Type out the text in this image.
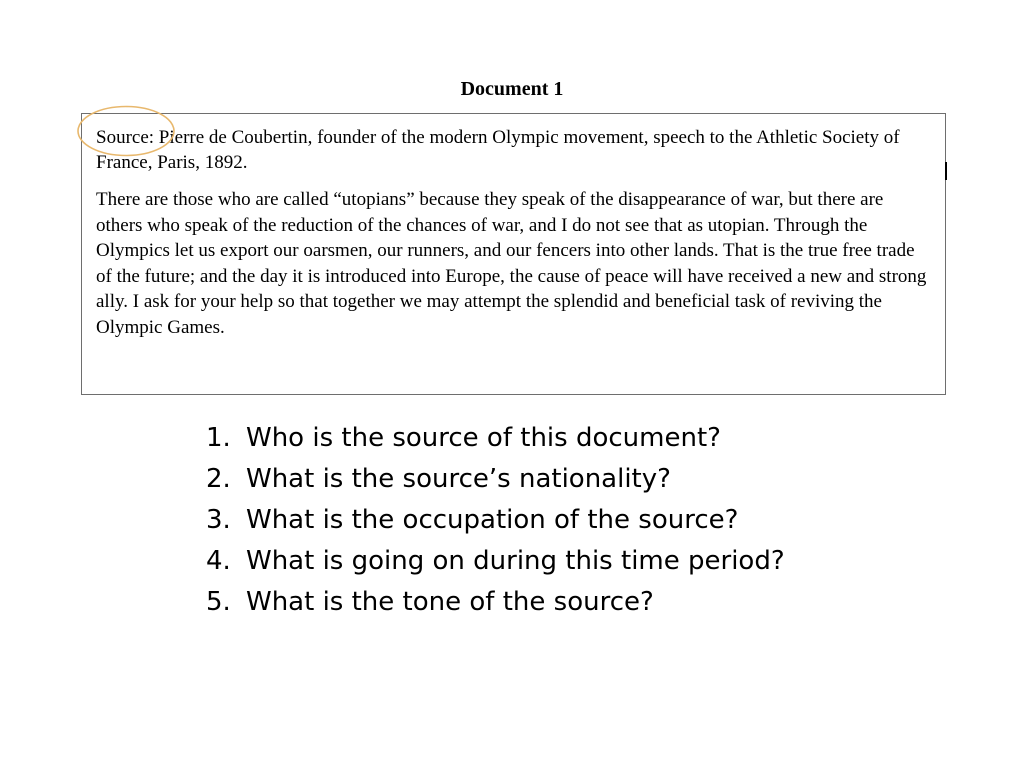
Document 1

Source: Pierre de Coubertin, founder of the modern Olympic movement, speech to the Athletic Society of France, Paris, 1892.

There are those who are called “utopians” because they speak of the disappearance of war, but there are others who speak of the reduction of the chances of war, and I do not see that as utopian. Through the Olympics let us export our oarsmen, our runners, and our fencers into other lands. That is the true free trade of the future; and the day it is introduced into Europe, the cause of peace will have received a new and strong ally. I ask for your help so that together we may attempt the splendid and beneficial task of reviving the Olympic Games.

1. Who is the source of this document?
2. What is the source’s nationality?
3. What is the occupation of the source?
4. What is going on during this time period?
5. What is the tone of the source?
